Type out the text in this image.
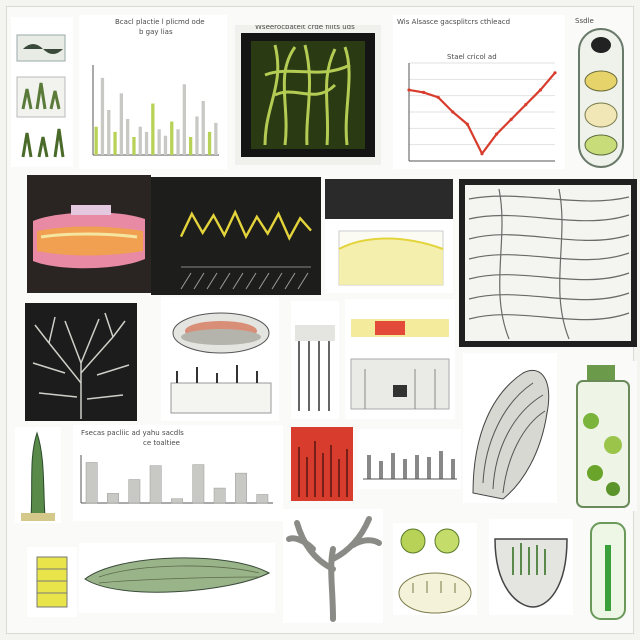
Bcacl plactie l plicmd ode
b gay lias
Wseerocbatelt crde fllits uds
Wis Alsasce gacsplitcrs cthleacd
Stael cricol ad
Ssdle
Fsecas pacliic ad yahu sacdls
ce toaltiee
